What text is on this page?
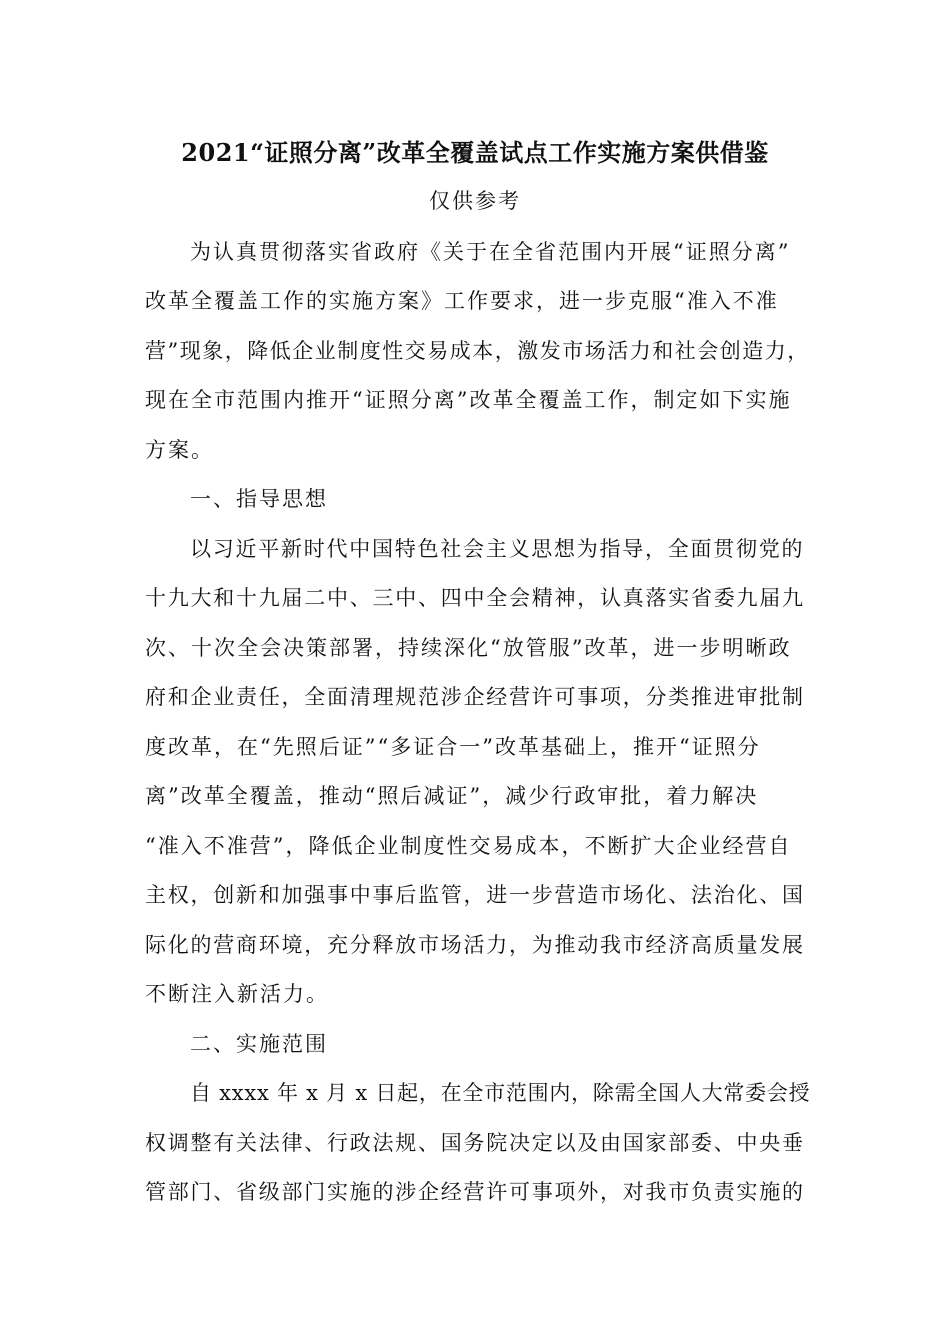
2021“证照分离”改革全覆盖试点工作实施方案供借鉴
仅供参考
为认真贯彻落实省政府《关于在全省范围内开展“证照分离”
改革全覆盖工作的实施方案》工作要求，进一步克服“准入不准
营”现象，降低企业制度性交易成本，激发市场活力和社会创造力，
现在全市范围内推开“证照分离”改革全覆盖工作，制定如下实施
方案。
一、指导思想
以习近平新时代中国特色社会主义思想为指导，全面贯彻党的
十九大和十九届二中、三中、四中全会精神，认真落实省委九届九
次、十次全会决策部署，持续深化“放管服”改革，进一步明晰政
府和企业责任，全面清理规范涉企经营许可事项，分类推进审批制
度改革，在“先照后证”“多证合一”改革基础上，推开“证照分
离”改革全覆盖，推动“照后减证”，减少行政审批，着力解决
“准入不准营”，降低企业制度性交易成本，不断扩大企业经营自
主权，创新和加强事中事后监管，进一步营造市场化、法治化、国
际化的营商环境，充分释放市场活力，为推动我市经济高质量发展
不断注入新活力。
二、实施范围
自 xxxx 年 x 月 x 日起，在全市范围内，除需全国人大常委会授
权调整有关法律、行政法规、国务院决定以及由国家部委、中央垂
管部门、省级部门实施的涉企经营许可事项外，对我市负责实施的
